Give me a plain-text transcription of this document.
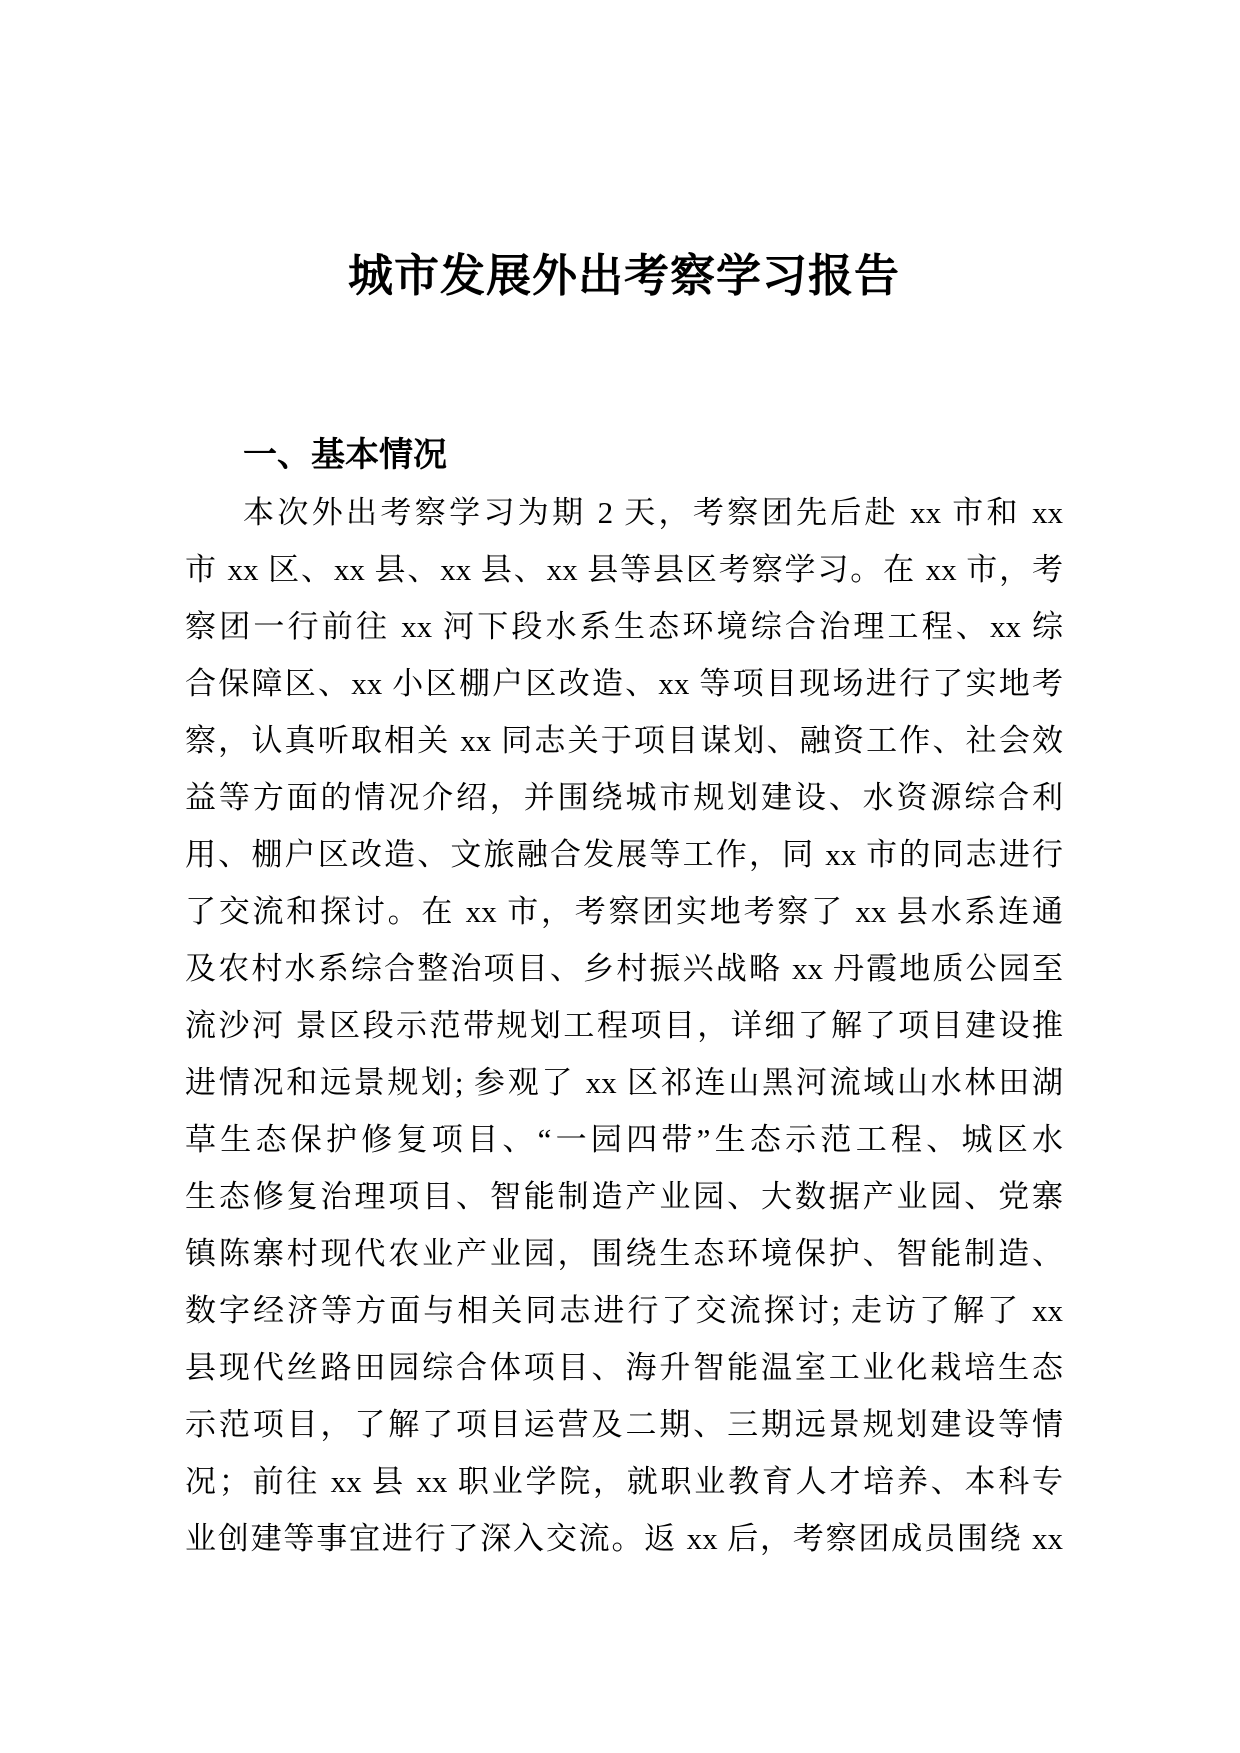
城市发展外出考察学习报告
一、基本情况
本次外出考察学习为期 2 天，考察团先后赴 xx 市和 xx
市 xx 区、xx 县、xx 县、xx 县等县区考察学习。在 xx 市，考
察团一行前往 xx 河下段水系生态环境综合治理工程、xx 综
合保障区、xx 小区棚户区改造、xx 等项目现场进行了实地考
察，认真听取相关 xx 同志关于项目谋划、融资工作、社会效
益等方面的情况介绍，并围绕城市规划建设、水资源综合利
用、棚户区改造、文旅融合发展等工作，同 xx 市的同志进行
了交流和探讨。在 xx 市，考察团实地考察了 xx 县水系连通
及农村水系综合整治项目、乡村振兴战略 xx 丹霞地质公园至
流沙河 景区段示范带规划工程项目，详细了解了项目建设推
进情况和远景规划; 参观了 xx 区祁连山黑河流域山水林田湖
草生态保护修复项目、“一园四带”生态示范工程、城区水
生态修复治理项目、智能制造产业园、大数据产业园、党寨
镇陈寨村现代农业产业园，围绕生态环境保护、智能制造、
数字经济等方面与相关同志进行了交流探讨; 走访了解了 xx
县现代丝路田园综合体项目、海升智能温室工业化栽培生态
示范项目，了解了项目运营及二期、三期远景规划建设等情
况；前往 xx 县 xx 职业学院，就职业教育人才培养、本科专
业创建等事宜进行了深入交流。返 xx 后，考察团成员围绕 xx
